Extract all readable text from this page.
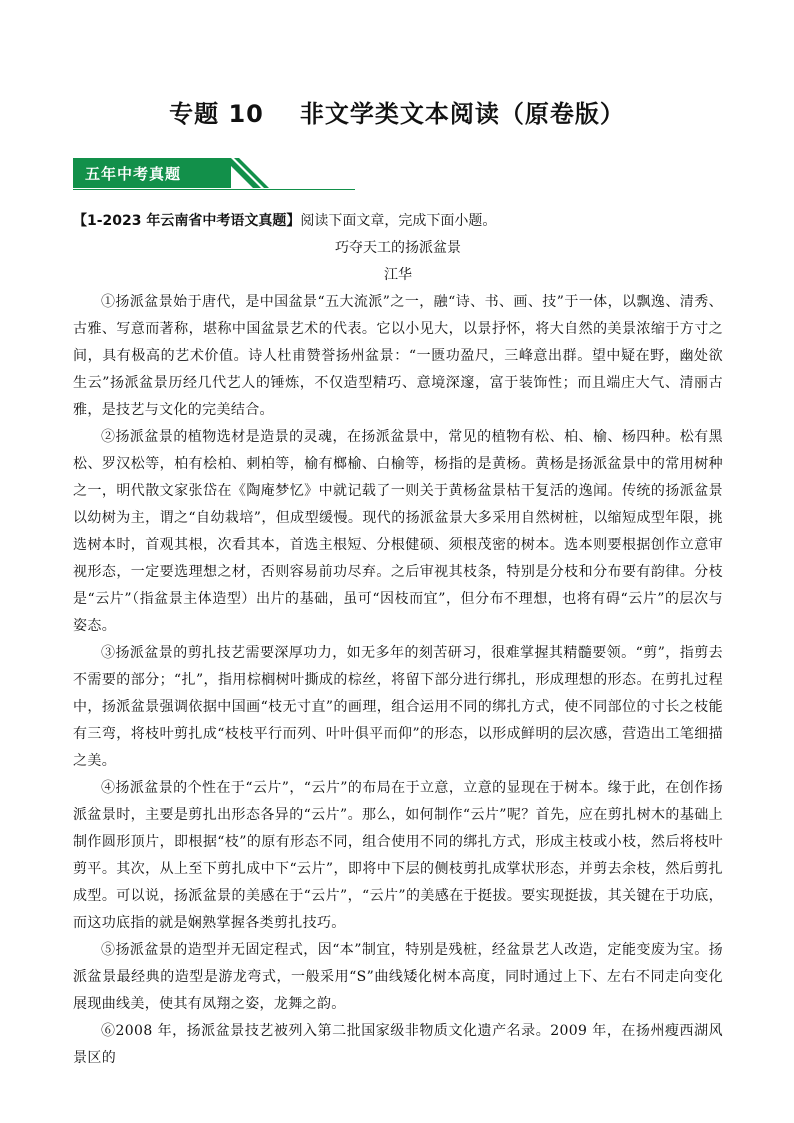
专题 10 非文学类文本阅读（原卷版）
五年中考真题

【1-2023 年云南省中考语文真题】阅读下面文章，完成下面小题。

巧夺天工的扬派盆景

江华

①扬派盆景始于唐代，是中国盆景“五大流派”之一，融“诗、书、画、技”于一体，以飘逸、清秀、古雅、写意而著称，堪称中国盆景艺术的代表。它以小见大，以景抒怀，将大自然的美景浓缩于方寸之间，具有极高的艺术价值。诗人杜甫赞誉扬州盆景：“一匮功盈尺，三峰意出群。望中疑在野，幽处欲生云”扬派盆景历经几代艺人的锤炼，不仅造型精巧、意境深邃，富于装饰性；而且端庄大气、清丽古雅，是技艺与文化的完美结合。

②扬派盆景的植物选材是造景的灵魂，在扬派盆景中，常见的植物有松、柏、榆、杨四种。松有黑松、罗汉松等，柏有桧柏、刺柏等，榆有榔榆、白榆等，杨指的是黄杨。黄杨是扬派盆景中的常用树种之一，明代散文家张岱在《陶庵梦忆》中就记载了一则关于黄杨盆景枯干复活的逸闻。传统的扬派盆景以幼树为主，谓之“自幼栽培”，但成型缓慢。现代的扬派盆景大多采用自然树桩，以缩短成型年限，挑选树本时，首观其根，次看其本，首选主根短、分根健硕、须根茂密的树本。选本则要根据创作立意审视形态，一定要选理想之材，否则容易前功尽弃。之后审视其枝条，特别是分枝和分布要有韵律。分枝是“云片”（指盆景主体造型）出片的基础，虽可“因枝而宜”，但分布不理想，也将有碍“云片”的层次与姿态。

③扬派盆景的剪扎技艺需要深厚功力，如无多年的刻苦研习，很难掌握其精髓要领。“剪”，指剪去不需要的部分；“扎”，指用棕榈树叶撕成的棕丝，将留下部分进行绑扎，形成理想的形态。在剪扎过程中，扬派盆景强调依据中国画“枝无寸直”的画理，组合运用不同的绑扎方式，使不同部位的寸长之枝能有三弯，将枝叶剪扎成“枝枝平行而列、叶叶俱平而仰”的形态，以形成鲜明的层次感，营造出工笔细描之美。

④扬派盆景的个性在于“云片”，“云片”的布局在于立意，立意的显现在于树本。缘于此，在创作扬派盆景时，主要是剪扎出形态各异的“云片”。那么，如何制作“云片”呢？首先，应在剪扎树木的基础上制作圆形顶片，即根据“枝”的原有形态不同，组合使用不同的绑扎方式，形成主枝或小枝，然后将枝叶剪平。其次，从上至下剪扎成中下“云片”，即将中下层的侧枝剪扎成掌状形态，并剪去余枝，然后剪扎成型。可以说，扬派盆景的美感在于“云片”，“云片”的美感在于挺拔。要实现挺拔，其关键在于功底，而这功底指的就是娴熟掌握各类剪扎技巧。

⑤扬派盆景的造型并无固定程式，因“本”制宜，特别是残桩，经盆景艺人改造，定能变废为宝。扬派盆景最经典的造型是游龙弯式，一般采用“S”曲线矮化树本高度，同时通过上下、左右不同走向变化展现曲线美，使其有凤翔之姿，龙舞之韵。

⑥2008 年，扬派盆景技艺被列入第二批国家级非物质文化遗产名录。2009 年，在扬州瘦西湖风景区的
